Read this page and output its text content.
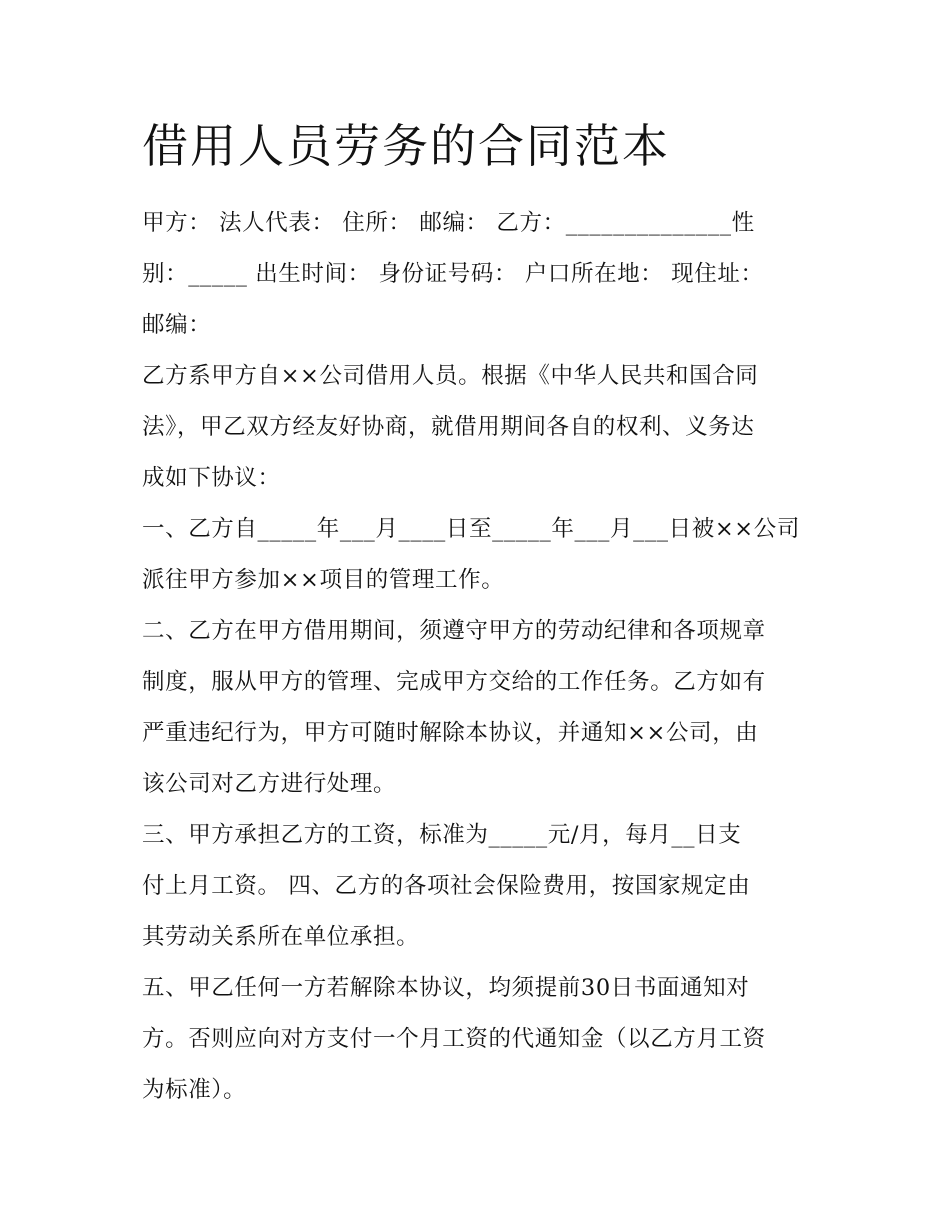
借用人员劳务的合同范本
甲方： 法人代表： 住所： 邮编： 乙方：______________性
别：_____ 出生时间： 身份证号码： 户口所在地： 现住址：
邮编：
乙方系甲方自××公司借用人员。根据《中华人民共和国合同
法》，甲乙双方经友好协商，就借用期间各自的权利、义务达
成如下协议：
一、乙方自_____年___月____日至_____年___月___日被××公司
派往甲方参加××项目的管理工作。
二、乙方在甲方借用期间，须遵守甲方的劳动纪律和各项规章
制度，服从甲方的管理、完成甲方交给的工作任务。乙方如有
严重违纪行为，甲方可随时解除本协议，并通知××公司，由
该公司对乙方进行处理。
三、甲方承担乙方的工资，标准为_____元/月，每月__日支
付上月工资。 四、乙方的各项社会保险费用，按国家规定由
其劳动关系所在单位承担。
五、甲乙任何一方若解除本协议，均须提前30日书面通知对
方。否则应向对方支付一个月工资的代通知金（以乙方月工资
为标准）。
